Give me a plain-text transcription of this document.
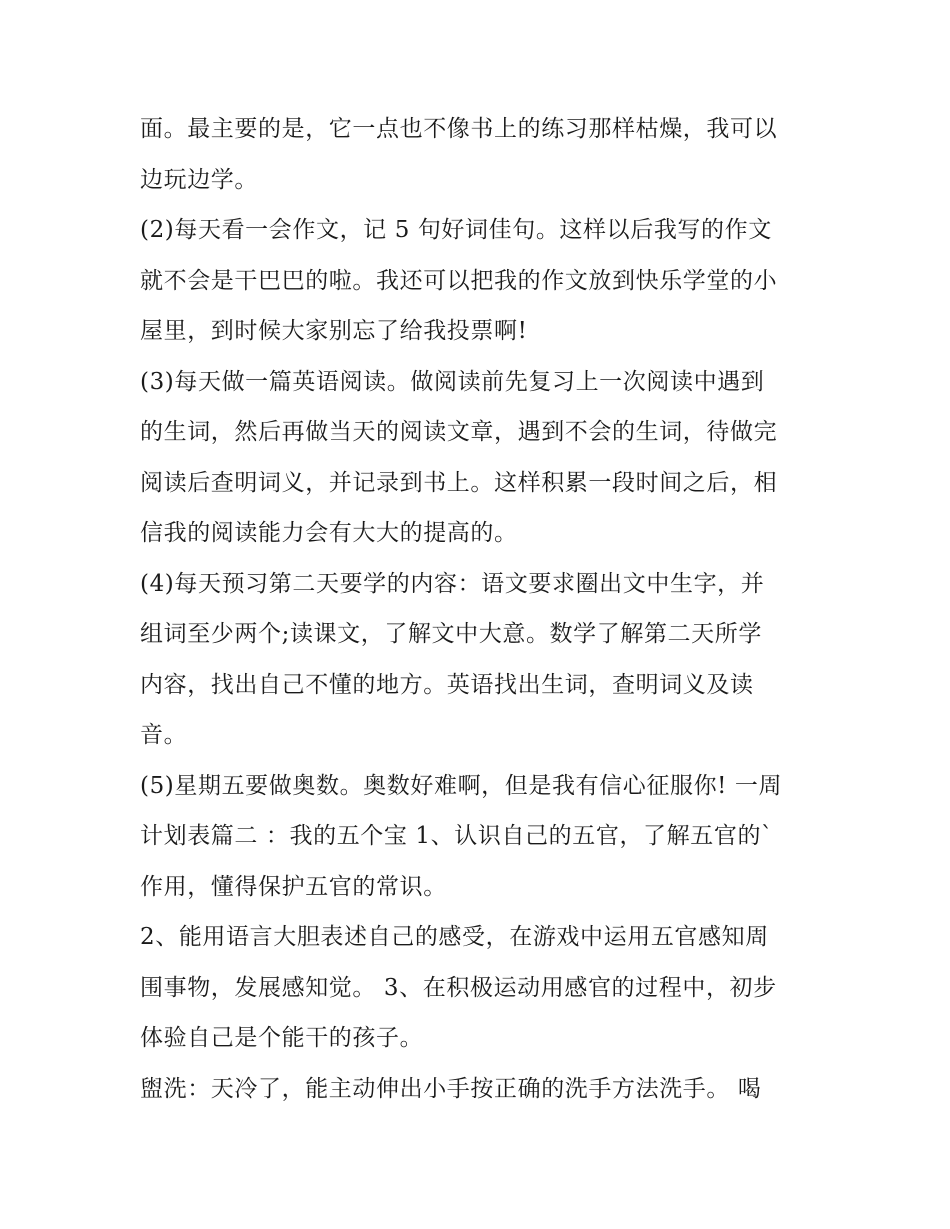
面。最主要的是，它一点也不像书上的练习那样枯燥，我可以
边玩边学。
(2)每天看一会作文，记 5 句好词佳句。这样以后我写的作文
就不会是干巴巴的啦。我还可以把我的作文放到快乐学堂的小
屋里，到时候大家别忘了给我投票啊!
(3)每天做一篇英语阅读。做阅读前先复习上一次阅读中遇到
的生词，然后再做当天的阅读文章，遇到不会的生词，待做完
阅读后查明词义，并记录到书上。这样积累一段时间之后，相
信我的阅读能力会有大大的提高的。
(4)每天预习第二天要学的内容：语文要求圈出文中生字，并
组词至少两个;读课文，了解文中大意。数学了解第二天所学
内容，找出自己不懂的地方。英语找出生词，查明词义及读
音。
(5)星期五要做奥数。奥数好难啊，但是我有信心征服你! 一周
计划表篇二 ：我的五个宝 1、认识自己的五官，了解五官的`
作用，懂得保护五官的常识。
2、能用语言大胆表述自己的感受，在游戏中运用五官感知周
围事物，发展感知觉。 3、在积极运动用感官的过程中，初步
体验自己是个能干的孩子。
盥洗：天冷了，能主动伸出小手按正确的洗手方法洗手。 喝
